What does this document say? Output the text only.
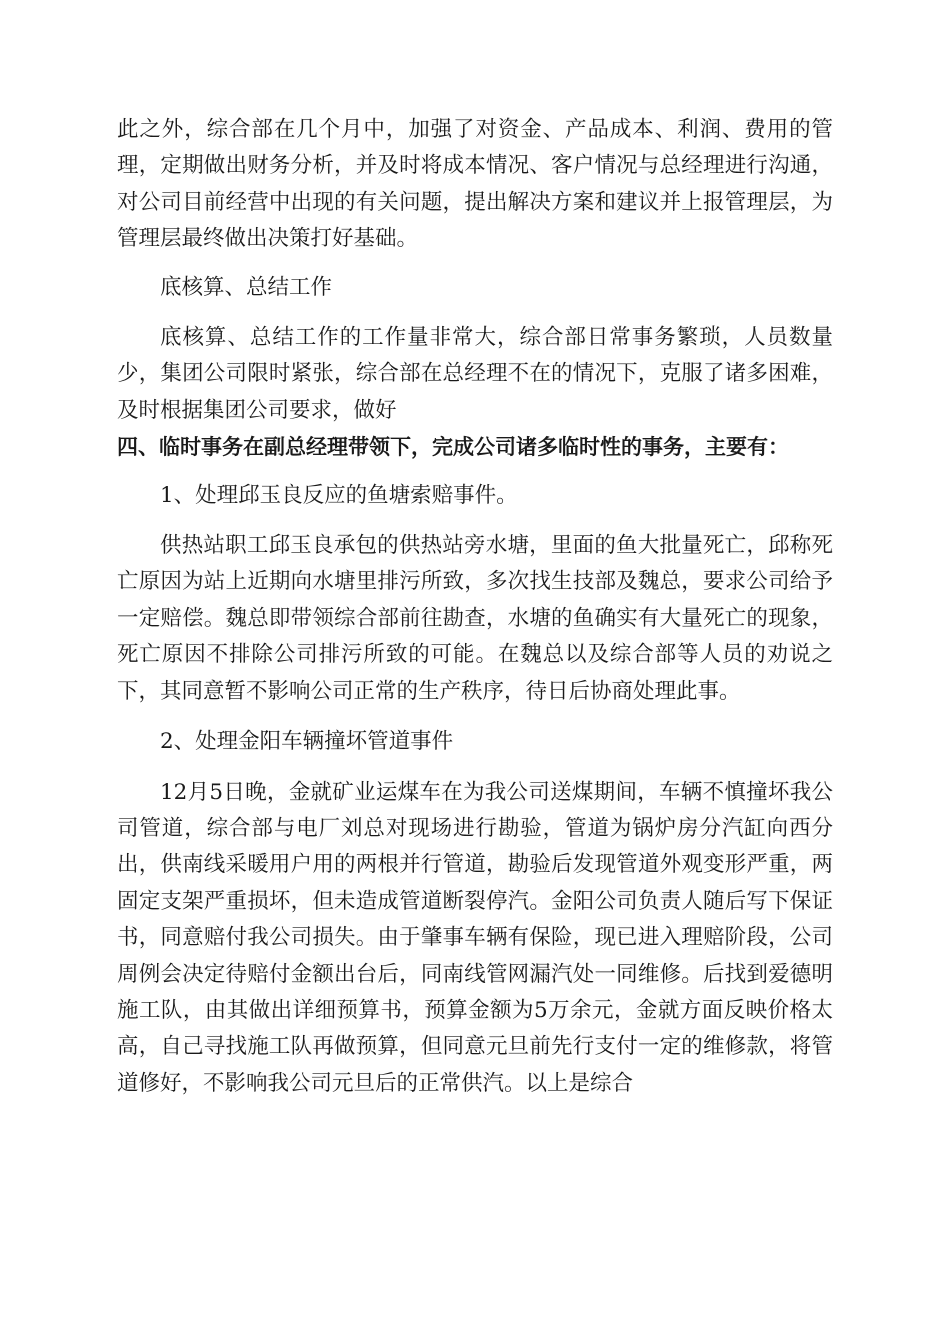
此之外，综合部在几个月中，加强了对资金、产品成本、利润、费用的管理，定期做出财务分析，并及时将成本情况、客户情况与总经理进行沟通，对公司目前经营中出现的有关问题，提出解决方案和建议并上报管理层，为管理层最终做出决策打好基础。

底核算、总结工作

底核算、总结工作的工作量非常大，综合部日常事务繁琐，人员数量少，集团公司限时紧张，综合部在总经理不在的情况下，克服了诸多困难，及时根据集团公司要求，做好

四、临时事务在副总经理带领下，完成公司诸多临时性的事务，主要有：

1、处理邱玉良反应的鱼塘索赔事件。

供热站职工邱玉良承包的供热站旁水塘，里面的鱼大批量死亡，邱称死亡原因为站上近期向水塘里排污所致，多次找生技部及魏总，要求公司给予一定赔偿。魏总即带领综合部前往勘查，水塘的鱼确实有大量死亡的现象，死亡原因不排除公司排污所致的可能。在魏总以及综合部等人员的劝说之下，其同意暂不影响公司正常的生产秩序，待日后协商处理此事。

2、处理金阳车辆撞坏管道事件

12月5日晚，金就矿业运煤车在为我公司送煤期间，车辆不慎撞坏我公司管道，综合部与电厂刘总对现场进行勘验，管道为锅炉房分汽缸向西分出，供南线采暖用户用的两根并行管道，勘验后发现管道外观变形严重，两固定支架严重损坏，但未造成管道断裂停汽。金阳公司负责人随后写下保证书，同意赔付我公司损失。由于肇事车辆有保险，现已进入理赔阶段，公司周例会决定待赔付金额出台后，同南线管网漏汽处一同维修。后找到爱德明施工队，由其做出详细预算书，预算金额为5万余元，金就方面反映价格太高，自己寻找施工队再做预算，但同意元旦前先行支付一定的维修款，将管道修好，不影响我公司元旦后的正常供汽。以上是综合
